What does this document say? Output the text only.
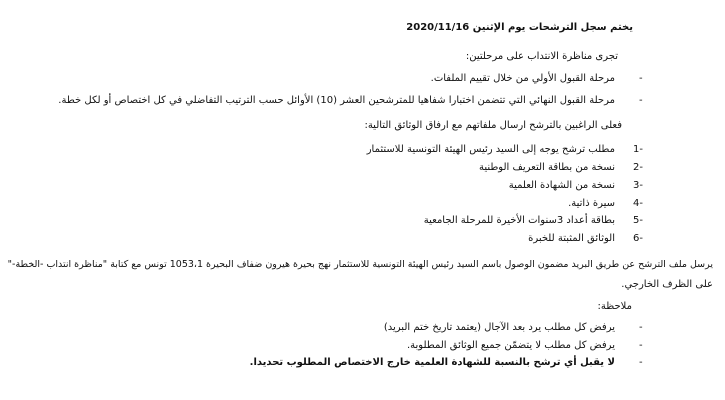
يختم سجل الترشحات يوم الإثنين 2020/11/16
تجرى مناظرة الانتداب على مرحلتين:
-
مرحلة القبول الأولي من خلال تقييم الملفات.
-
مرحلة القبول النهائي التي تتضمن اختبارا شفاهيا للمترشحين العشر (10) الأوائل حسب الترتيب التفاضلي في كل اختصاص أو لكل خطة.
فعلى الراغبين بالترشح ارسال ملفاتهم مع ارفاق الوثائق التالية:
1-
مطلب ترشح يوجه إلى السيد رئيس الهيئة التونسية للاستثمار
2-
نسخة من بطاقة التعريف الوطنية
3-
نسخة من الشهادة العلمية
4-
سيرة ذاتية.
5-
بطاقة أعداد 3سنوات الأخيرة للمرحلة الجامعية
6-
الوثائق المثبتة للخبرة
يرسل ملف الترشح عن طريق البريد مضمون الوصول باسم السيد رئيس الهيئة التونسية للاستثمار نهج بحيرة هيرون ضفاف البحيرة 1053،1 تونس مع كتابة "مناظرة انتداب -الخطة-"
على الظرف الخارجي.
ملاحظة:
-
يرفض كل مطلب يرد بعد الآجال (يعتمد تاريخ ختم البريد)
-
يرفض كل مطلب لا يتضمّن جميع الوثائق المطلوبة.
-
لا يقبل أي ترشح بالنسبة للشهادة العلمية خارج الاختصاص المطلوب تحديدا.
